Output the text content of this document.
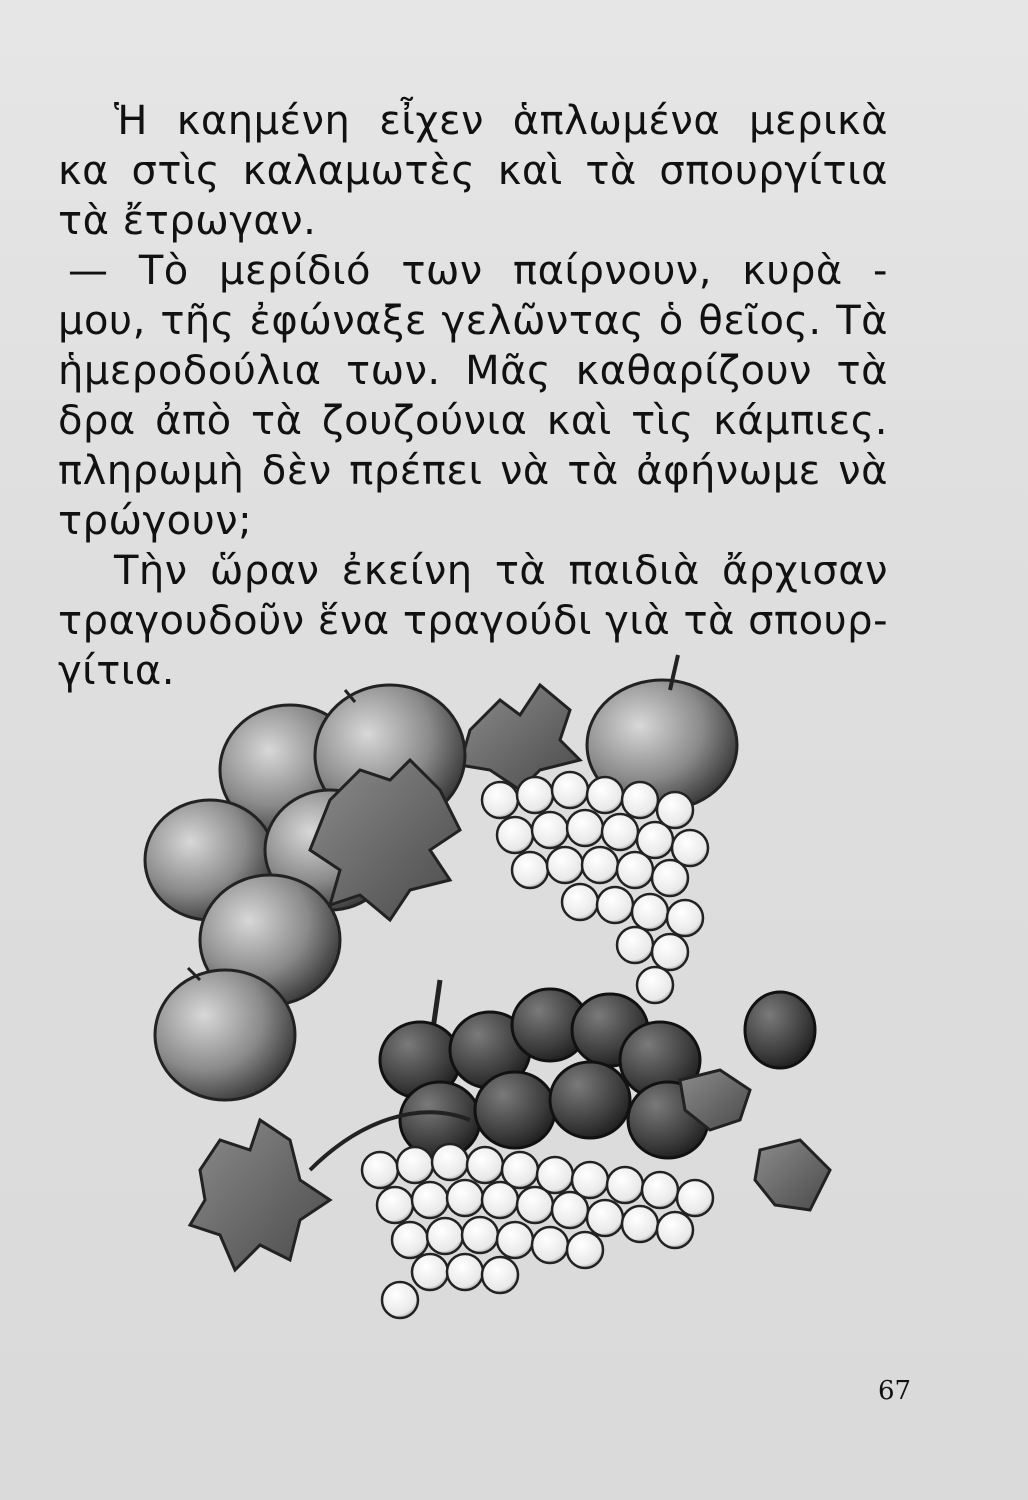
Ἡ καημένη εἶχεν ἁπλωμένα μερικὰ
κα στὶς καλαμωτὲς καὶ τὰ σπουργίτια
τὰ ἔτρωγαν.
— Τὸ μερίδιό των παίρνουν, κυρὰ -
μου, τῆς ἐφώναξε γελῶντας ὁ θεῖος. Τὰ
ἡμεροδούλια των. Μᾶς καθαρίζουν τὰ
δρα ἀπὸ τὰ ζουζούνια καὶ τὶς κάμπιες.
πληρωμὴ δὲν πρέπει νὰ τὰ ἀφήνωμε νὰ
τρώγουν;
Τὴν ὥραν ἐκείνη τὰ παιδιὰ ἄρχισαν
τραγουδοῦν ἕνα τραγούδι γιὰ τὰ σπουρ-
γίτια.
67
